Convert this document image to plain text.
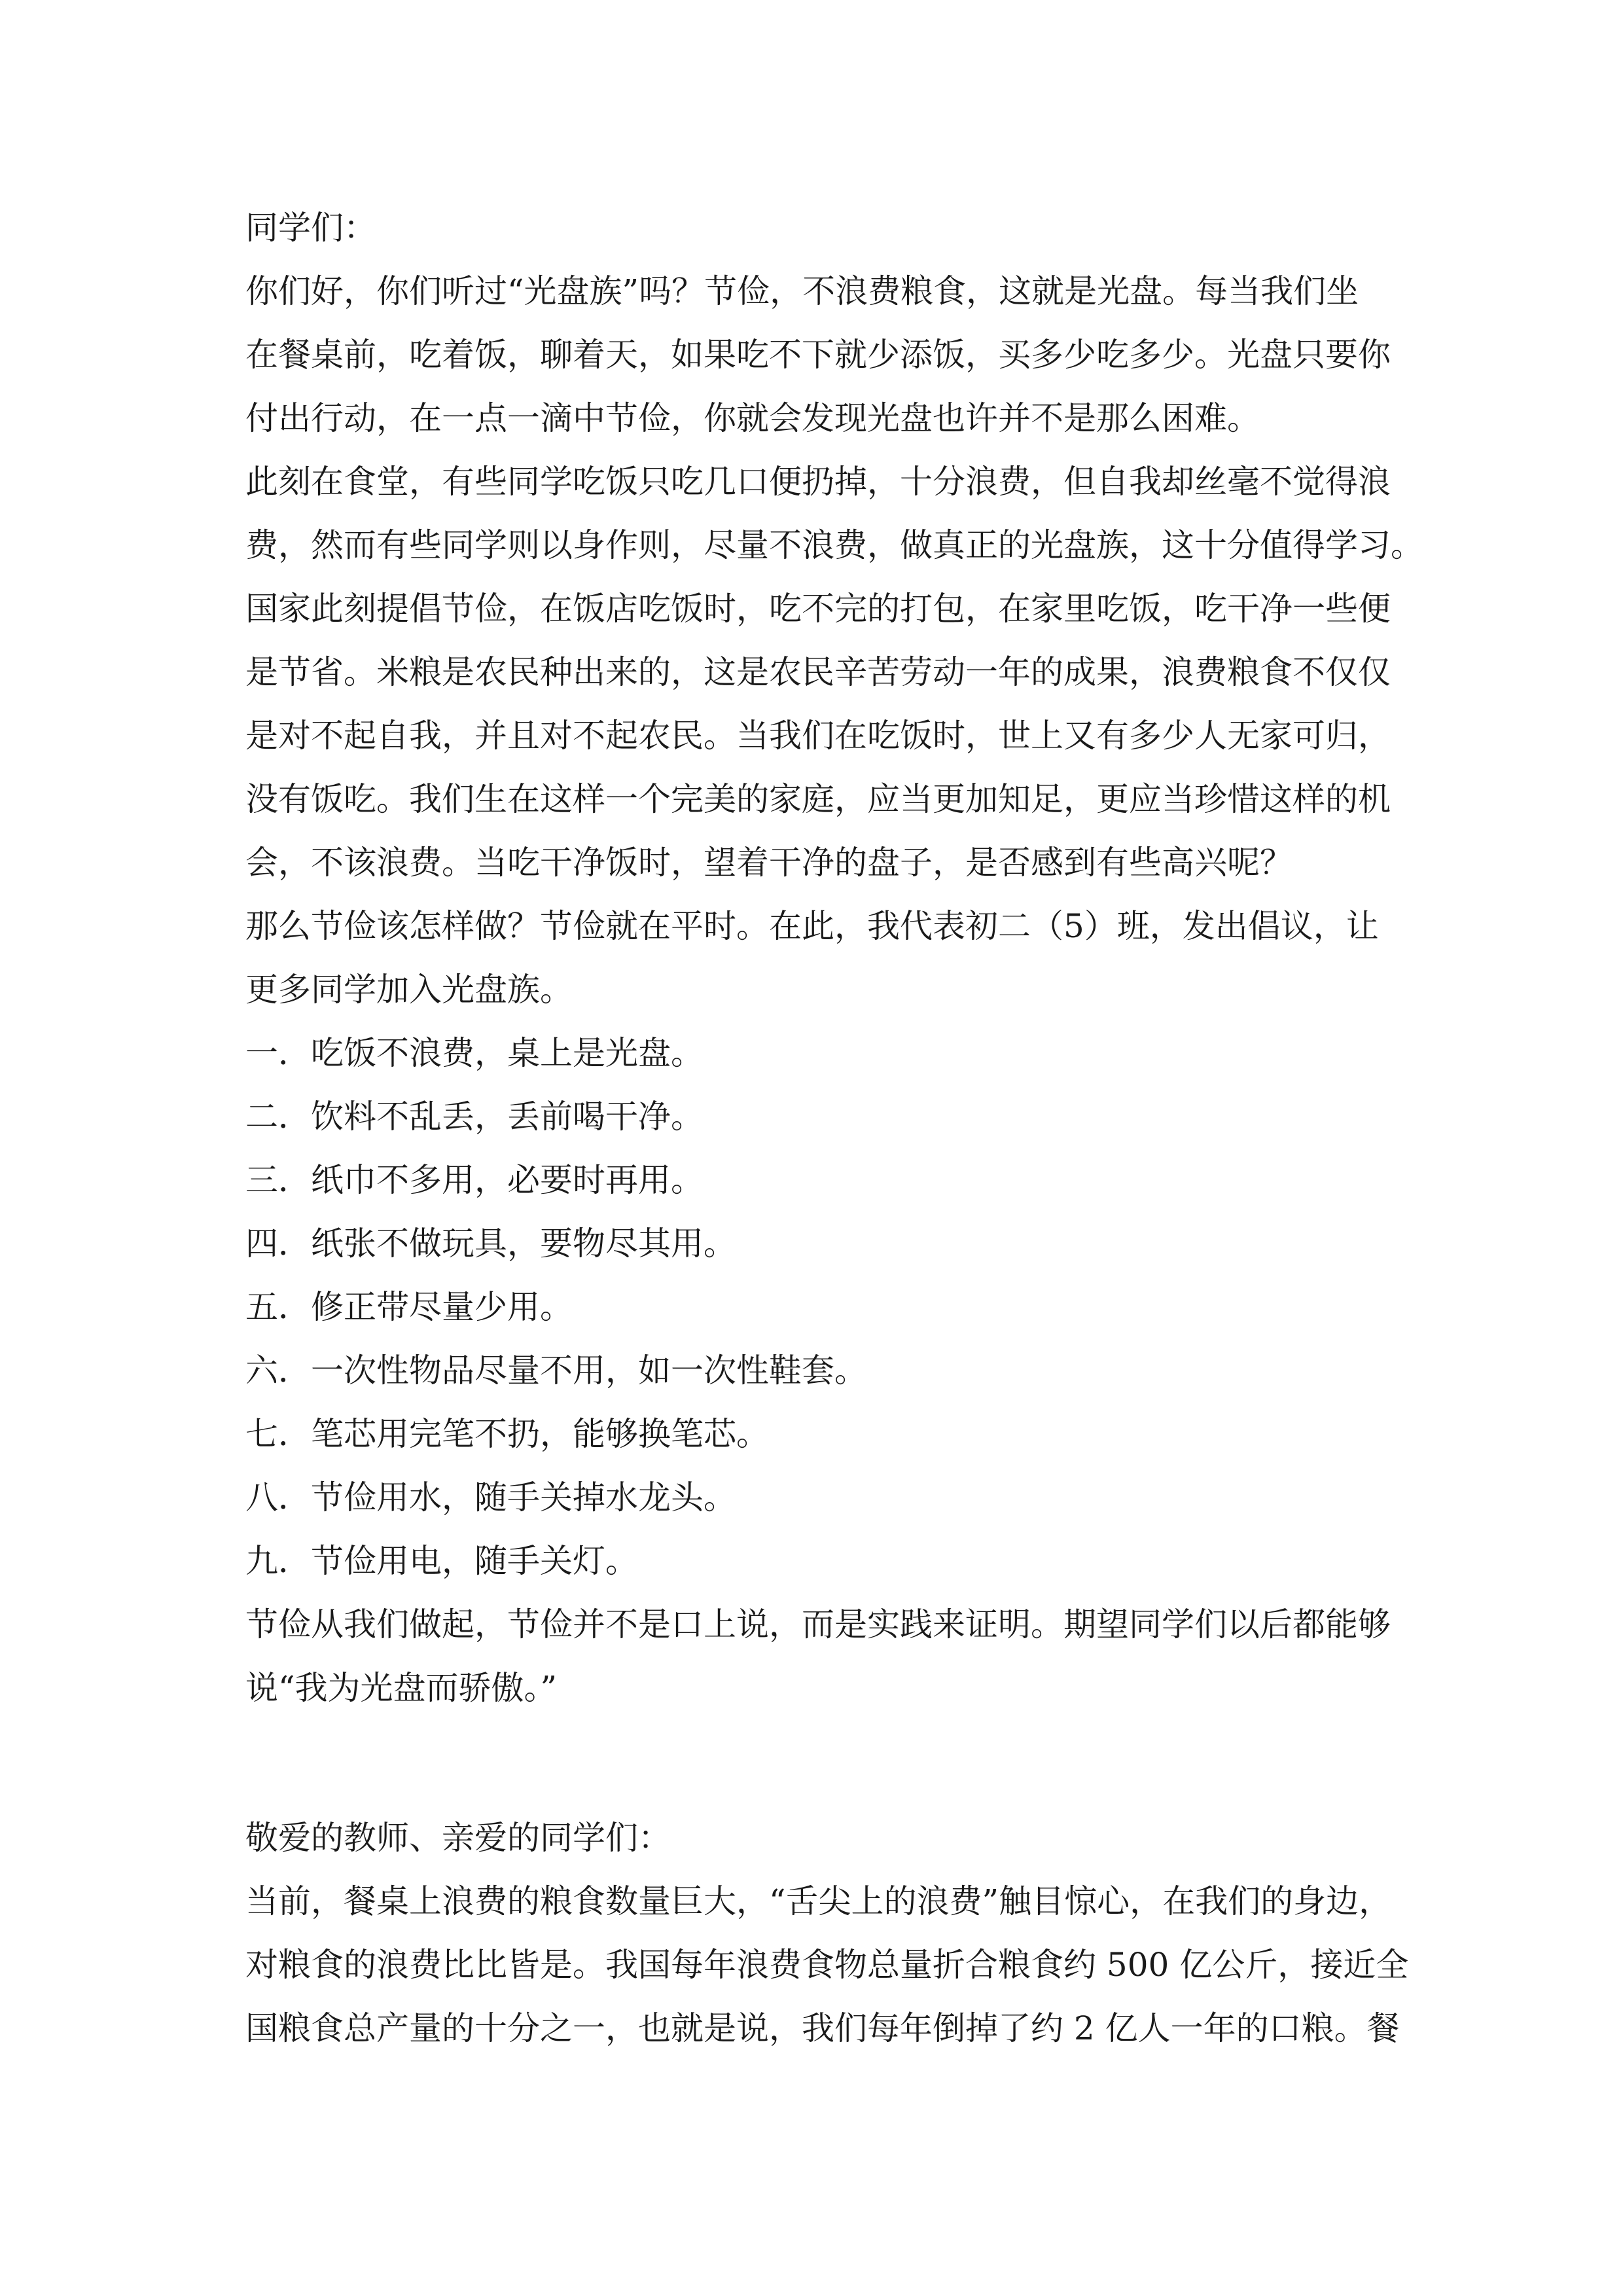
同学们：
你们好，你们听过“光盘族”吗？节俭，不浪费粮食，这就是光盘。每当我们坐
在餐桌前，吃着饭，聊着天，如果吃不下就少添饭，买多少吃多少。光盘只要你
付出行动，在一点一滴中节俭，你就会发现光盘也许并不是那么困难。
此刻在食堂，有些同学吃饭只吃几口便扔掉，十分浪费，但自我却丝毫不觉得浪
费，然而有些同学则以身作则，尽量不浪费，做真正的光盘族，这十分值得学习。
国家此刻提倡节俭，在饭店吃饭时，吃不完的打包，在家里吃饭，吃干净一些便
是节省。米粮是农民种出来的，这是农民辛苦劳动一年的成果，浪费粮食不仅仅
是对不起自我，并且对不起农民。当我们在吃饭时，世上又有多少人无家可归，
没有饭吃。我们生在这样一个完美的家庭，应当更加知足，更应当珍惜这样的机
会，不该浪费。当吃干净饭时，望着干净的盘子，是否感到有些高兴呢？
那么节俭该怎样做？节俭就在平时。在此，我代表初二（5）班，发出倡议，让
更多同学加入光盘族。
一．吃饭不浪费，桌上是光盘。
二．饮料不乱丢，丢前喝干净。
三．纸巾不多用，必要时再用。
四．纸张不做玩具，要物尽其用。
五．修正带尽量少用。
六．一次性物品尽量不用，如一次性鞋套。
七．笔芯用完笔不扔，能够换笔芯。
八．节俭用水，随手关掉水龙头。
九．节俭用电，随手关灯。
节俭从我们做起，节俭并不是口上说，而是实践来证明。期望同学们以后都能够
说“我为光盘而骄傲。”
敬爱的教师、亲爱的同学们：
当前，餐桌上浪费的粮食数量巨大，“舌尖上的浪费”触目惊心，在我们的身边，
对粮食的浪费比比皆是。我国每年浪费食物总量折合粮食约 500 亿公斤，接近全
国粮食总产量的十分之一，也就是说，我们每年倒掉了约 2 亿人一年的口粮。餐
